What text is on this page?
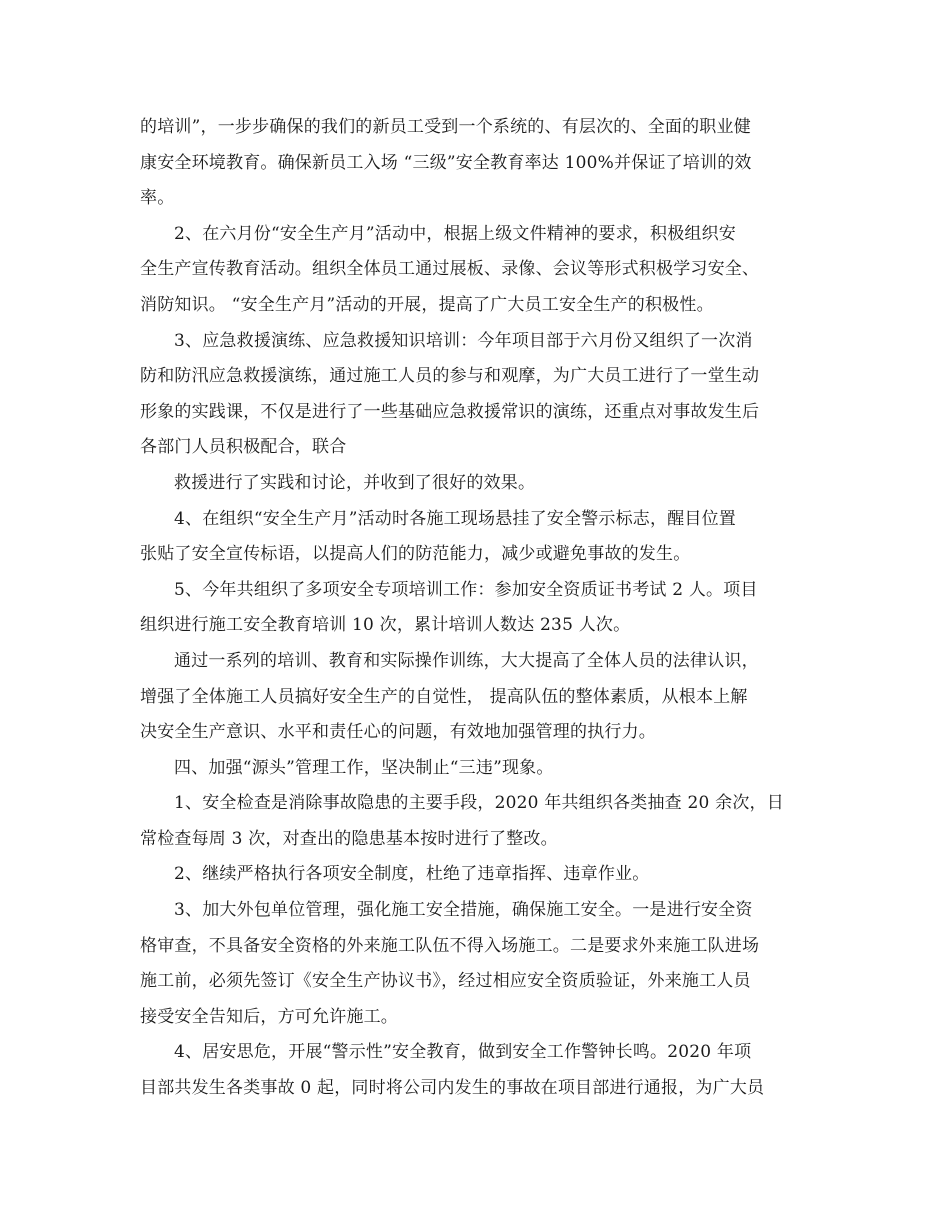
的培训”，一步步确保的我们的新员工受到一个系统的、有层次的、全面的职业健
康安全环境教育。确保新员工入场 “三级”安全教育率达 100%并保证了培训的效
率。
2、在六月份“安全生产月”活动中，根据上级文件精神的要求，积极组织安
全生产宣传教育活动。组织全体员工通过展板、录像、会议等形式积极学习安全、
消防知识。 “安全生产月”活动的开展，提高了广大员工安全生产的积极性。
3、应急救援演练、应急救援知识培训：今年项目部于六月份又组织了一次消
防和防汛应急救援演练，通过施工人员的参与和观摩，为广大员工进行了一堂生动
形象的实践课，不仅是进行了一些基础应急救援常识的演练，还重点对事故发生后
各部门人员积极配合，联合
救援进行了实践和讨论，并收到了很好的效果。
4、在组织“安全生产月”活动时各施工现场悬挂了安全警示标志，醒目位置
张贴了安全宣传标语，以提高人们的防范能力，减少或避免事故的发生。
5、今年共组织了多项安全专项培训工作：参加安全资质证书考试 2 人。项目
组织进行施工安全教育培训 10 次，累计培训人数达 235 人次。
通过一系列的培训、教育和实际操作训练，大大提高了全体人员的法律认识，
增强了全体施工人员搞好安全生产的自觉性， 提高队伍的整体素质，从根本上解
决安全生产意识、水平和责任心的问题，有效地加强管理的执行力。
四、加强“源头”管理工作，坚决制止“三违”现象。
1、安全检查是消除事故隐患的主要手段，2020 年共组织各类抽查 20 余次，日
常检查每周 3 次，对查出的隐患基本按时进行了整改。
2、继续严格执行各项安全制度，杜绝了违章指挥、违章作业。
3、加大外包单位管理，强化施工安全措施，确保施工安全。一是进行安全资
格审查，不具备安全资格的外来施工队伍不得入场施工。二是要求外来施工队进场
施工前，必须先签订《安全生产协议书》，经过相应安全资质验证，外来施工人员
接受安全告知后，方可允许施工。
4、居安思危，开展“警示性”安全教育，做到安全工作警钟长鸣。2020 年项
目部共发生各类事故 0 起，同时将公司内发生的事故在项目部进行通报，为广大员
